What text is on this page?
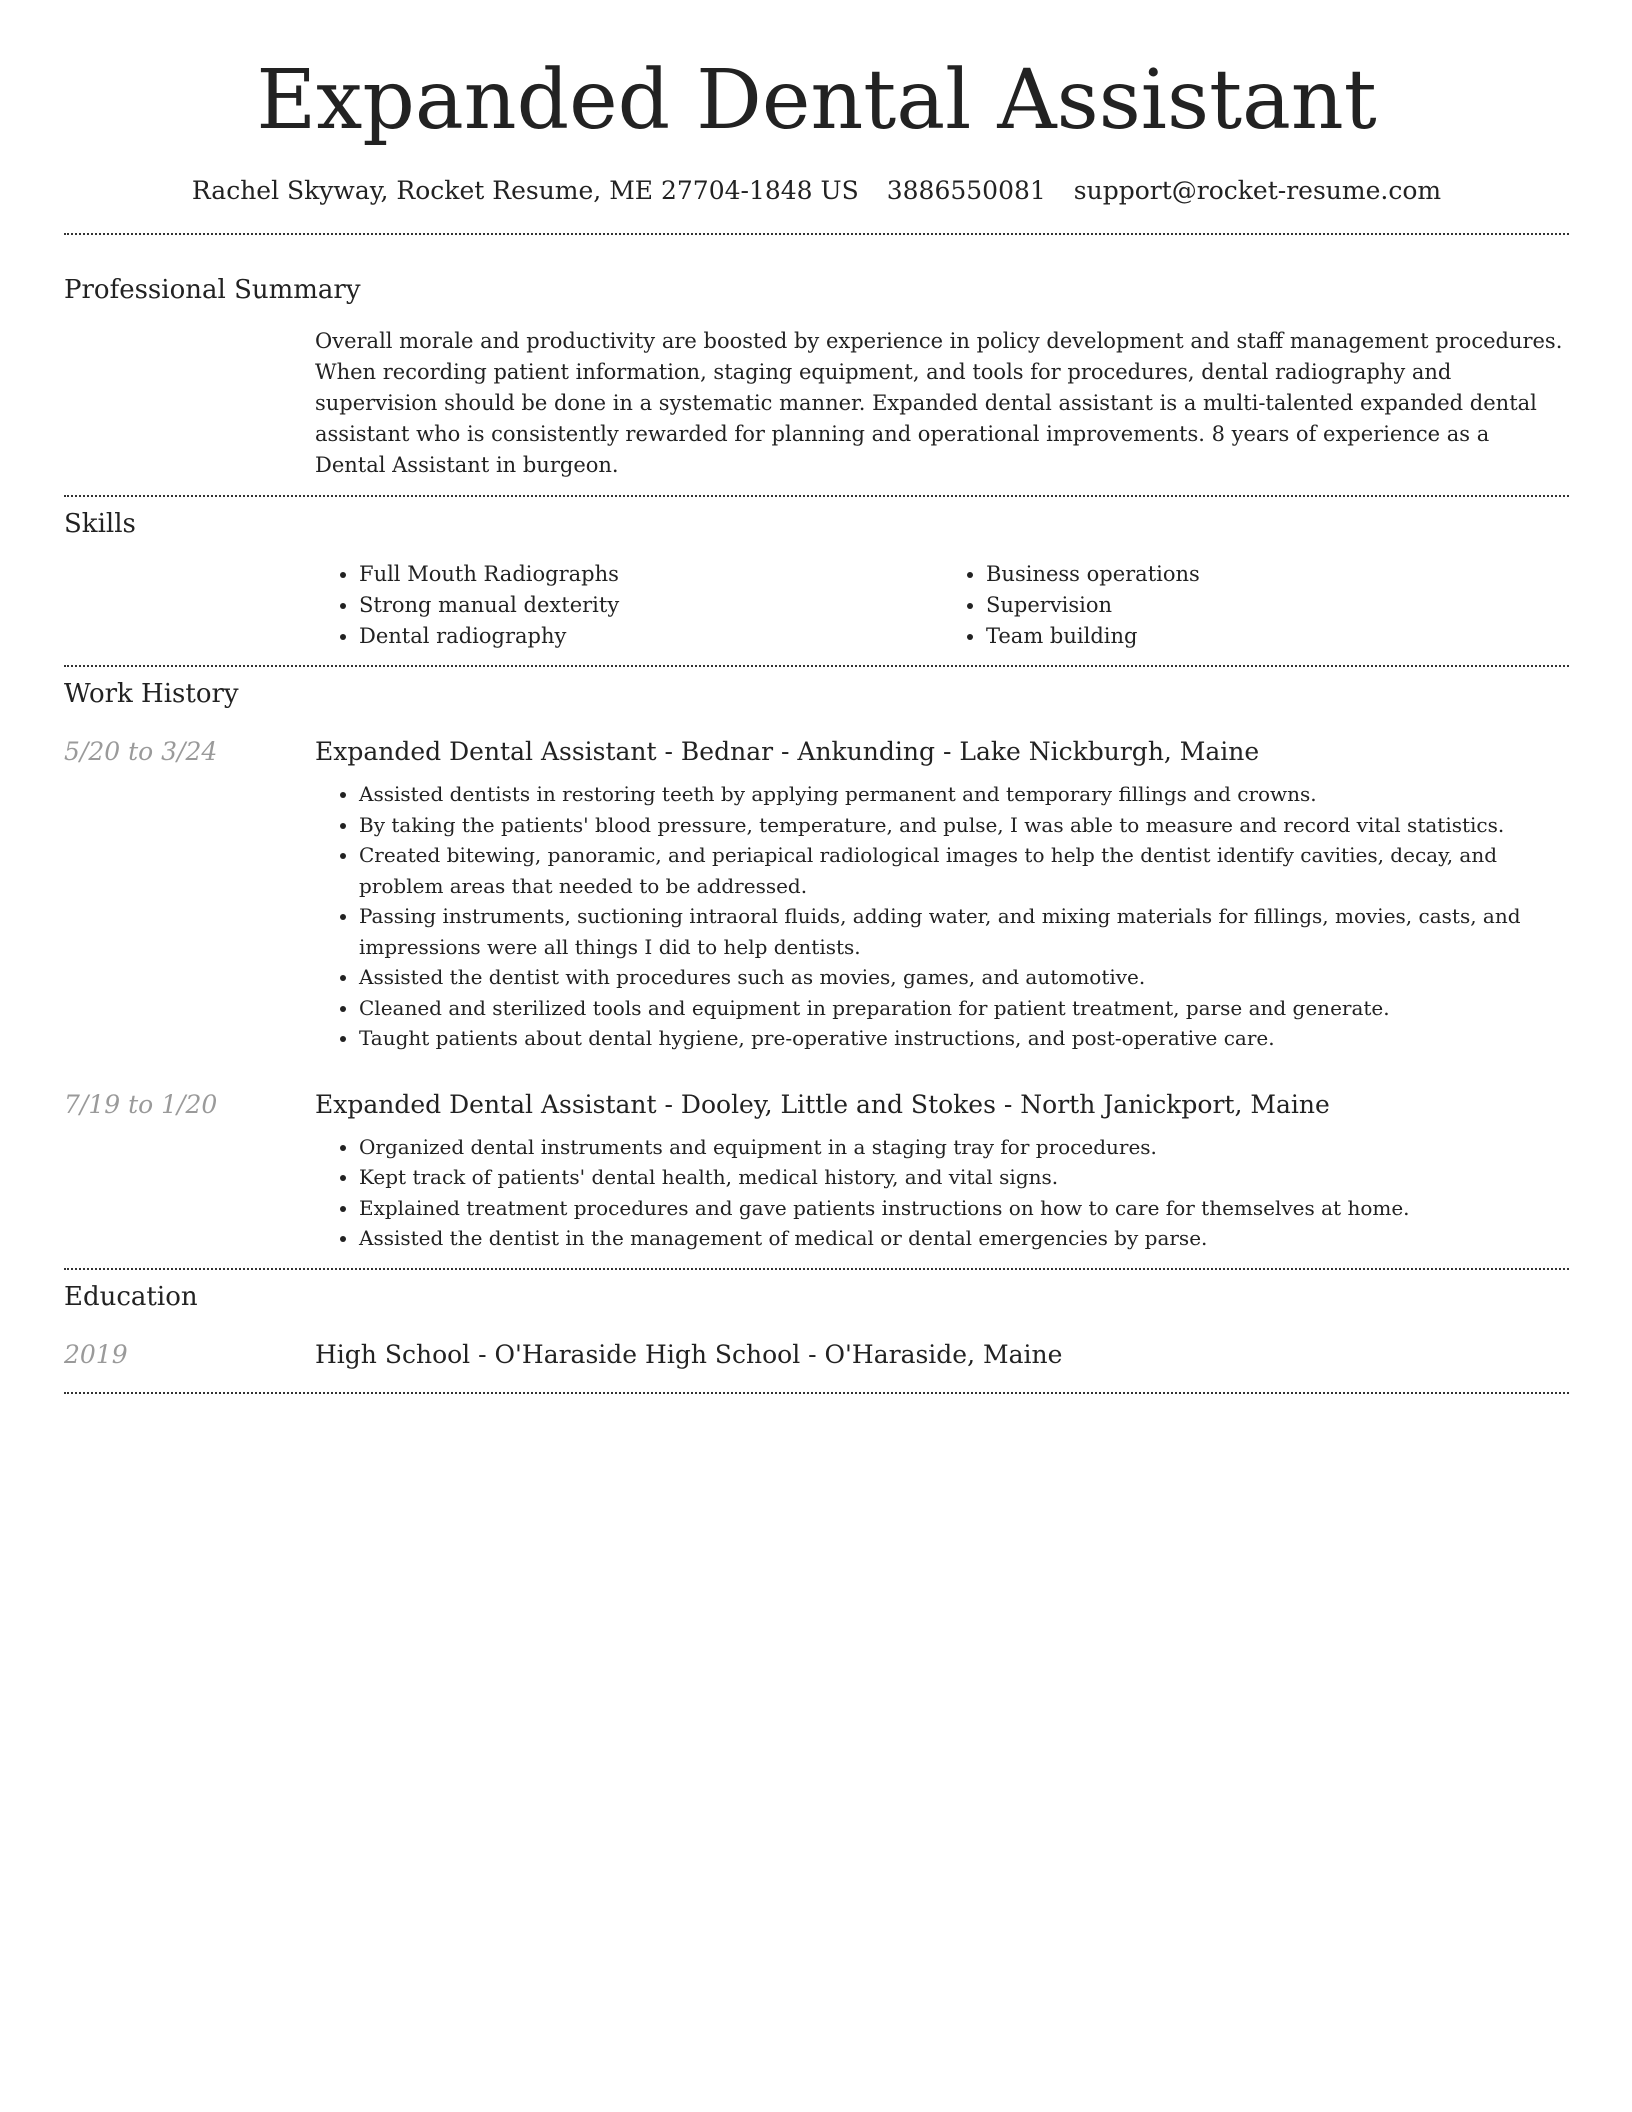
Expanded Dental Assistant
Rachel Skyway, Rocket Resume, ME 27704-1848 US 3886550081 support@rocket-resume.com
Professional Summary

Overall morale and productivity are boosted by experience in policy development and staff management procedures. When recording patient information, staging equipment, and tools for procedures, dental radiography and supervision should be done in a systematic manner. Expanded dental assistant is a multi-talented expanded dental assistant who is consistently rewarded for planning and operational improvements. 8 years of experience as a Dental Assistant in burgeon.

Skills
• Full Mouth Radiographs
• Strong manual dexterity
• Dental radiography
• Business operations
• Supervision
• Team building
Work History
5/20 to 3/24	Expanded Dental Assistant - Bednar - Ankunding - Lake Nickburgh, Maine
• Assisted dentists in restoring teeth by applying permanent and temporary fillings and crowns.
• By taking the patients' blood pressure, temperature, and pulse, I was able to measure and record vital statistics.
• Created bitewing, panoramic, and periapical radiological images to help the dentist identify cavities, decay, and problem areas that needed to be addressed.
• Passing instruments, suctioning intraoral fluids, adding water, and mixing materials for fillings, movies, casts, and impressions were all things I did to help dentists.
• Assisted the dentist with procedures such as movies, games, and automotive.
• Cleaned and sterilized tools and equipment in preparation for patient treatment, parse and generate.
• Taught patients about dental hygiene, pre-operative instructions, and post-operative care.
7/19 to 1/20	Expanded Dental Assistant - Dooley, Little and Stokes - North Janickport, Maine
• Organized dental instruments and equipment in a staging tray for procedures.
• Kept track of patients' dental health, medical history, and vital signs.
• Explained treatment procedures and gave patients instructions on how to care for themselves at home.
• Assisted the dentist in the management of medical or dental emergencies by parse.
Education
2019	High School - O'Haraside High School - O'Haraside, Maine
